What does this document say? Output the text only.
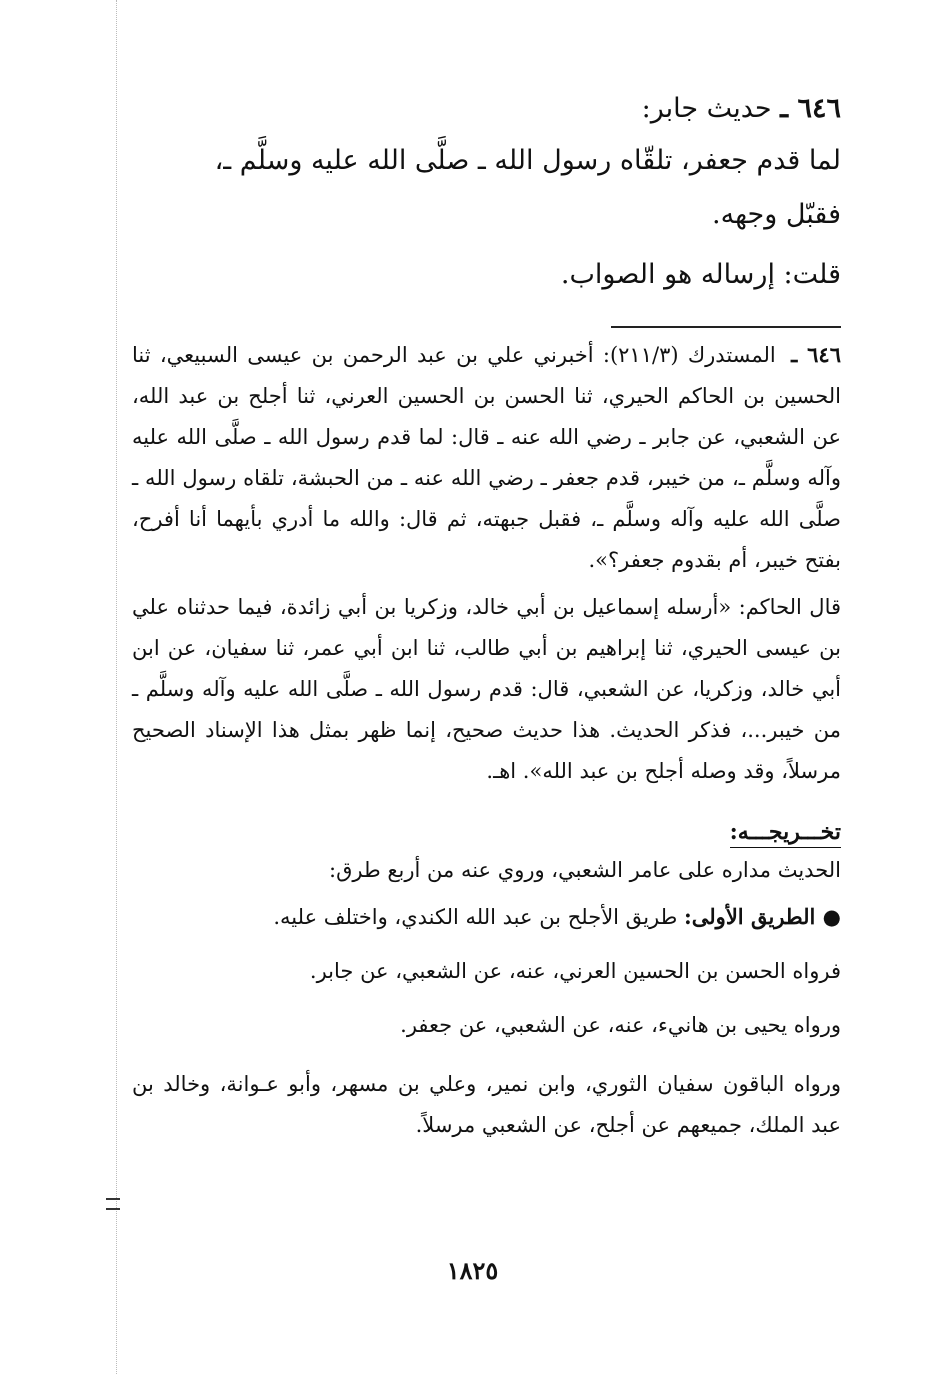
٦٤٦ ـ حديث جابر:

لما قدم جعفر، تلقّاه رسول الله ـ صلَّى الله عليه وسلَّم ـ،

فقبّل وجهه.

قلت: إرساله هو الصواب.

٦٤٦ ـ المستدرك (٢١١/٣): أخبرني علي بن عبد الرحمن بن عيسى السبيعي، ثنا الحسين بن الحاكم الحيري، ثنا الحسن بن الحسين العرني، ثنا أجلح بن عبد الله، عن الشعبي، عن جابر ـ رضي الله عنه ـ قال: لما قدم رسول الله ـ صلَّى الله عليه وآله وسلَّم ـ، من خيبر، قدم جعفر ـ رضي الله عنه ـ من الحبشة، تلقاه رسول الله ـ صلَّى الله عليه وآله وسلَّم ـ، فقبل جبهته، ثم قال: والله ما أدري بأيهما أنا أفرح، بفتح خيبر، أم بقدوم جعفر؟».

قال الحاكم: «أرسله إسماعيل بن أبي خالد، وزكريا بن أبي زائدة، فيما حدثناه علي بن عيسى الحيري، ثنا إبراهيم بن أبي طالب، ثنا ابن أبي عمر، ثنا سفيان، عن ابن أبي خالد، وزكريا، عن الشعبي، قال: قدم رسول الله ـ صلَّى الله عليه وآله وسلَّم ـ من خيبر...، فذكر الحديث. هذا حديث صحيح، إنما ظهر بمثل هذا الإسناد الصحيح مرسلاً، وقد وصله أجلح بن عبد الله». اهـ.

تخـــريجـــه:

الحديث مداره على عامر الشعبي، وروي عنه من أربع طرق:

● الطريق الأولى: طريق الأجلح بن عبد الله الكندي، واختلف عليه.

فرواه الحسن بن الحسين العرني، عنه، عن الشعبي، عن جابر.

ورواه يحيى بن هانيء، عنه، عن الشعبي، عن جعفر.

ورواه الباقون سفيان الثوري، وابن نمير، وعلي بن مسهر، وأبو عـوانة، وخالد بن عبد الملك، جميعهم عن أجلح، عن الشعبي مرسلاً.

١٨٢٥
